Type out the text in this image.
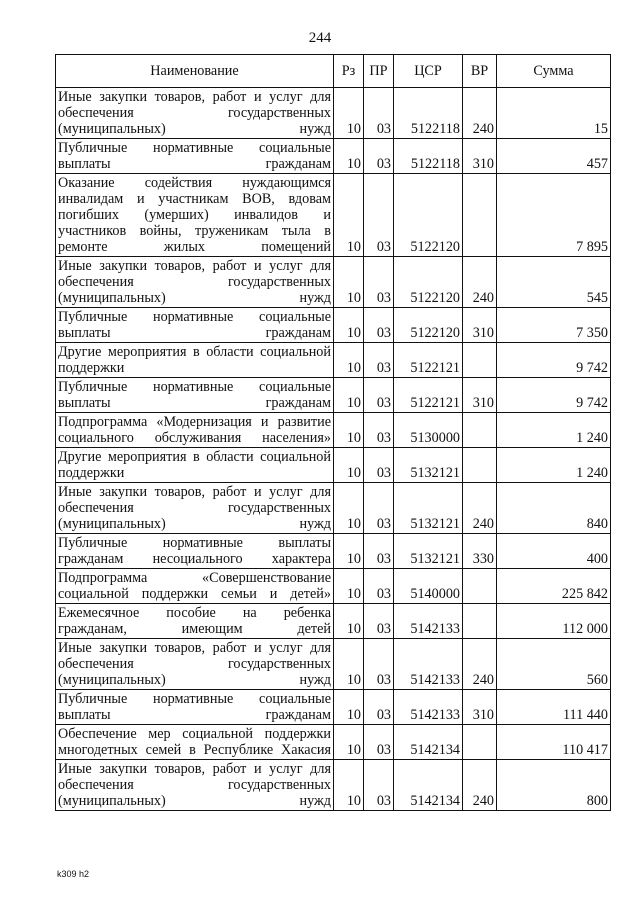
244
Наименование	Рз	ПР	ЦСР	ВР	Сумма
Иные закупки товаров, работ и услуг для обеспечения государственных (муниципальных) нужд	10	03	5122118	240	15
Публичные нормативные социальные выплаты гражданам	10	03	5122118	310	457
Оказание содействия нуждающимся инвалидам и участникам ВОВ, вдовам погибших (умерших) инвалидов и участников войны, труженикам тыла в ремонте жилых помещений	10	03	5122120		7 895
Иные закупки товаров, работ и услуг для обеспечения государственных (муниципальных) нужд	10	03	5122120	240	545
Публичные нормативные социальные выплаты гражданам	10	03	5122120	310	7 350
Другие мероприятия в области социальной поддержки	10	03	5122121		9 742
Публичные нормативные социальные выплаты гражданам	10	03	5122121	310	9 742
Подпрограмма «Модернизация и развитие социального обслуживания населения»	10	03	5130000		1 240
Другие мероприятия в области социальной поддержки	10	03	5132121		1 240
Иные закупки товаров, работ и услуг для обеспечения государственных (муниципальных) нужд	10	03	5132121	240	840
Публичные нормативные выплаты гражданам несоциального характера	10	03	5132121	330	400
Подпрограмма «Совершенствование социальной поддержки семьи и детей»	10	03	5140000		225 842
Ежемесячное пособие на ребенка гражданам, имеющим детей	10	03	5142133		112 000
Иные закупки товаров, работ и услуг для обеспечения государственных (муниципальных) нужд	10	03	5142133	240	560
Публичные нормативные социальные выплаты гражданам	10	03	5142133	310	111 440
Обеспечение мер социальной поддержки многодетных семей в Республике Хакасия	10	03	5142134		110 417
Иные закупки товаров, работ и услуг для обеспечения государственных (муниципальных) нужд	10	03	5142134	240	800
k309 h2
